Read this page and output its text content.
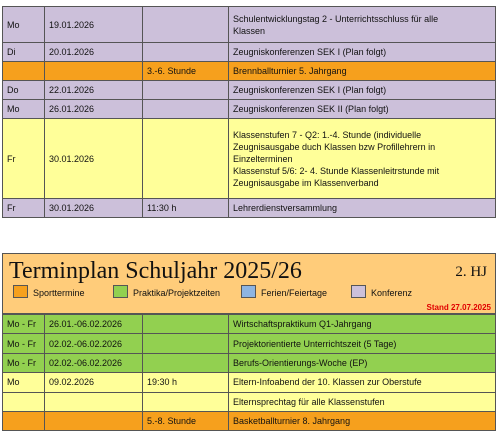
Mo	19.01.2026		Schulentwicklungstag 2 - Unterrichtsschluss für alle
Klassen

Di	20.01.2026		Zeugniskonferenzen SEK I (Plan folgt)
		3.-6. Stunde	Brennballturnier 5. Jahrgang
Do	22.01.2026		Zeugniskonferenzen SEK I (Plan folgt)
Mo	26.01.2026		Zeugniskonferenzen SEK II (Plan folgt)
Fr	30.01.2026		Klassenstufen 7 - Q2: 1.-4. Stunde (individuelle
Zeugnisausgabe duch Klassen bzw Profillehrern in
Einzelterminen
Klassenstuf 5/6: 2- 4. Stunde Klassenleitrstunde mit
Zeugnisausgabe im Klassenverband

Fr	30.01.2026	11:30 h	Lehrerdienstversammlung
Terminplan Schuljahr 2025/26	2. HJ
Sporttermine	Praktika/Projektzeiten	Ferien/Feiertage	Konferenz
Stand 27.07.2025
Mo - Fr	26.01.-06.02.2026		Wirtschaftspraktikum Q1-Jahrgang
Mo - Fr	02.02.-06.02.2026		Projektorientierte Unterrichtszeit (5 Tage)
Mo - Fr	02.02.-06.02.2026		Berufs-Orientierungs-Woche (EP)
Mo	09.02.2026	19:30 h	Eltern-Infoabend der 10. Klassen zur Oberstufe
			Elternsprechtag für alle Klassenstufen
		5.-8. Stunde	Basketballturnier 8. Jahrgang
